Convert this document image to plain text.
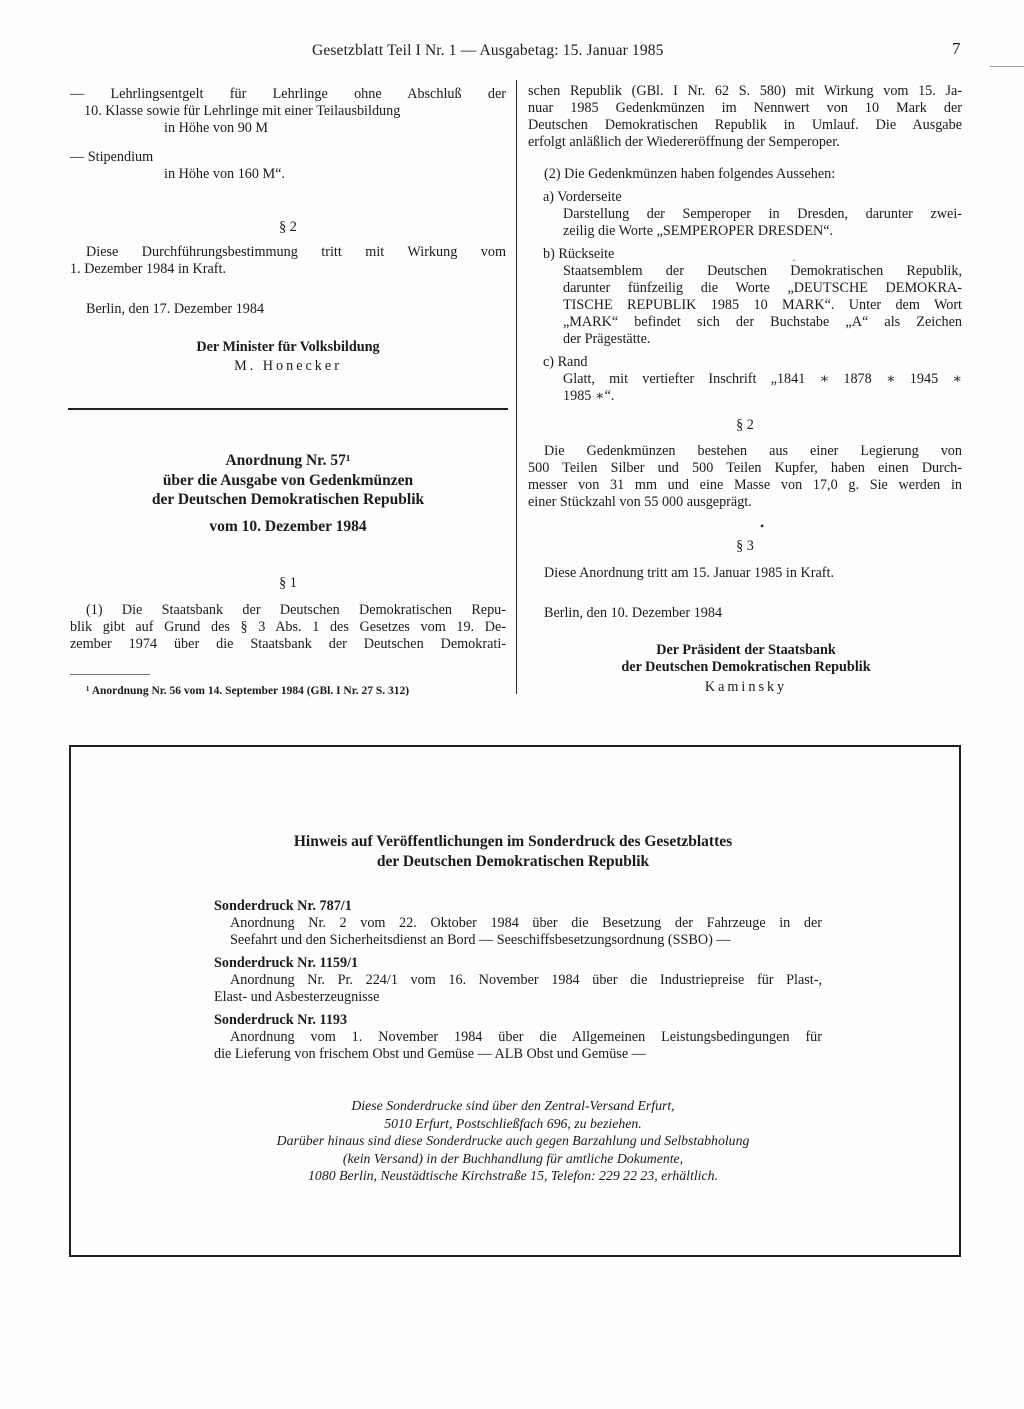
Gesetzblatt Teil I Nr. 1 — Ausgabetag: 15. Januar 1985	7
— Lehrlingsentgelt für Lehrlinge ohne Abschluß der
10. Klasse sowie für Lehrlinge mit einer Teilausbildung
in Höhe von 90 M
— Stipendium
in Höhe von 160 M“.
§ 2
Diese Durchführungsbestimmung tritt mit Wirkung vom
1. Dezember 1984 in Kraft.
Berlin, den 17. Dezember 1984
Der Minister für Volksbildung
M. Honecker
Anordnung Nr. 57¹
über die Ausgabe von Gedenkmünzen
der Deutschen Demokratischen Republik
vom 10. Dezember 1984
§ 1
(1) Die Staatsbank der Deutschen Demokratischen Repu-
blik gibt auf Grund des § 3 Abs. 1 des Gesetzes vom 19. De-
zember 1974 über die Staatsbank der Deutschen Demokrati-
¹ Anordnung Nr. 56 vom 14. September 1984 (GBl. I Nr. 27 S. 312)
schen Republik (GBl. I Nr. 62 S. 580) mit Wirkung vom 15. Ja-
nuar 1985 Gedenkmünzen im Nennwert von 10 Mark der
Deutschen Demokratischen Republik in Umlauf. Die Ausgabe
erfolgt anläßlich der Wiedereröffnung der Semperoper.
(2) Die Gedenkmünzen haben folgendes Aussehen:
a) Vorderseite
Darstellung der Semperoper in Dresden, darunter zwei-
zeilig die Worte „SEMPEROPER DRESDEN“.
b) Rückseite
Staatsemblem der Deutschen Demokratischen Republik,
darunter fünfzeilig die Worte „DEUTSCHE DEMOKRA-
TISCHE REPUBLIK 1985 10 MARK“. Unter dem Wort
„MARK“ befindet sich der Buchstabe „A“ als Zeichen
der Prägestätte.
c) Rand
Glatt, mit vertiefter Inschrift „1841 ∗ 1878 ∗ 1945 ∗
1985 ∗“.
§ 2
Die Gedenkmünzen bestehen aus einer Legierung von
500 Teilen Silber und 500 Teilen Kupfer, haben einen Durch-
messer von 31 mm und eine Masse von 17,0 g. Sie werden in
einer Stückzahl von 55 000 ausgeprägt.
§ 3
Diese Anordnung tritt am 15. Januar 1985 in Kraft.
Berlin, den 10. Dezember 1984
Der Präsident der Staatsbank
der Deutschen Demokratischen Republik
Kaminsky
Hinweis auf Veröffentlichungen im Sonderdruck des Gesetzblattes
der Deutschen Demokratischen Republik
Sonderdruck Nr. 787/1
Anordnung Nr. 2 vom 22. Oktober 1984 über die Besetzung der Fahrzeuge in der
Seefahrt und den Sicherheitsdienst an Bord — Seeschiffsbesetzungsordnung (SSBO) —
Sonderdruck Nr. 1159/1
Anordnung Nr. Pr. 224/1 vom 16. November 1984 über die Industriepreise für Plast-,
Elast- und Asbesterzeugnisse
Sonderdruck Nr. 1193
Anordnung vom 1. November 1984 über die Allgemeinen Leistungsbedingungen für
die Lieferung von frischem Obst und Gemüse — ALB Obst und Gemüse —
Diese Sonderdrucke sind über den Zentral-Versand Erfurt,
5010 Erfurt, Postschließfach 696, zu beziehen.
Darüber hinaus sind diese Sonderdrucke auch gegen Barzahlung und Selbstabholung
(kein Versand) in der Buchhandlung für amtliche Dokumente,
1080 Berlin, Neustädtische Kirchstraße 15, Telefon: 229 22 23, erhältlich.
•
·
